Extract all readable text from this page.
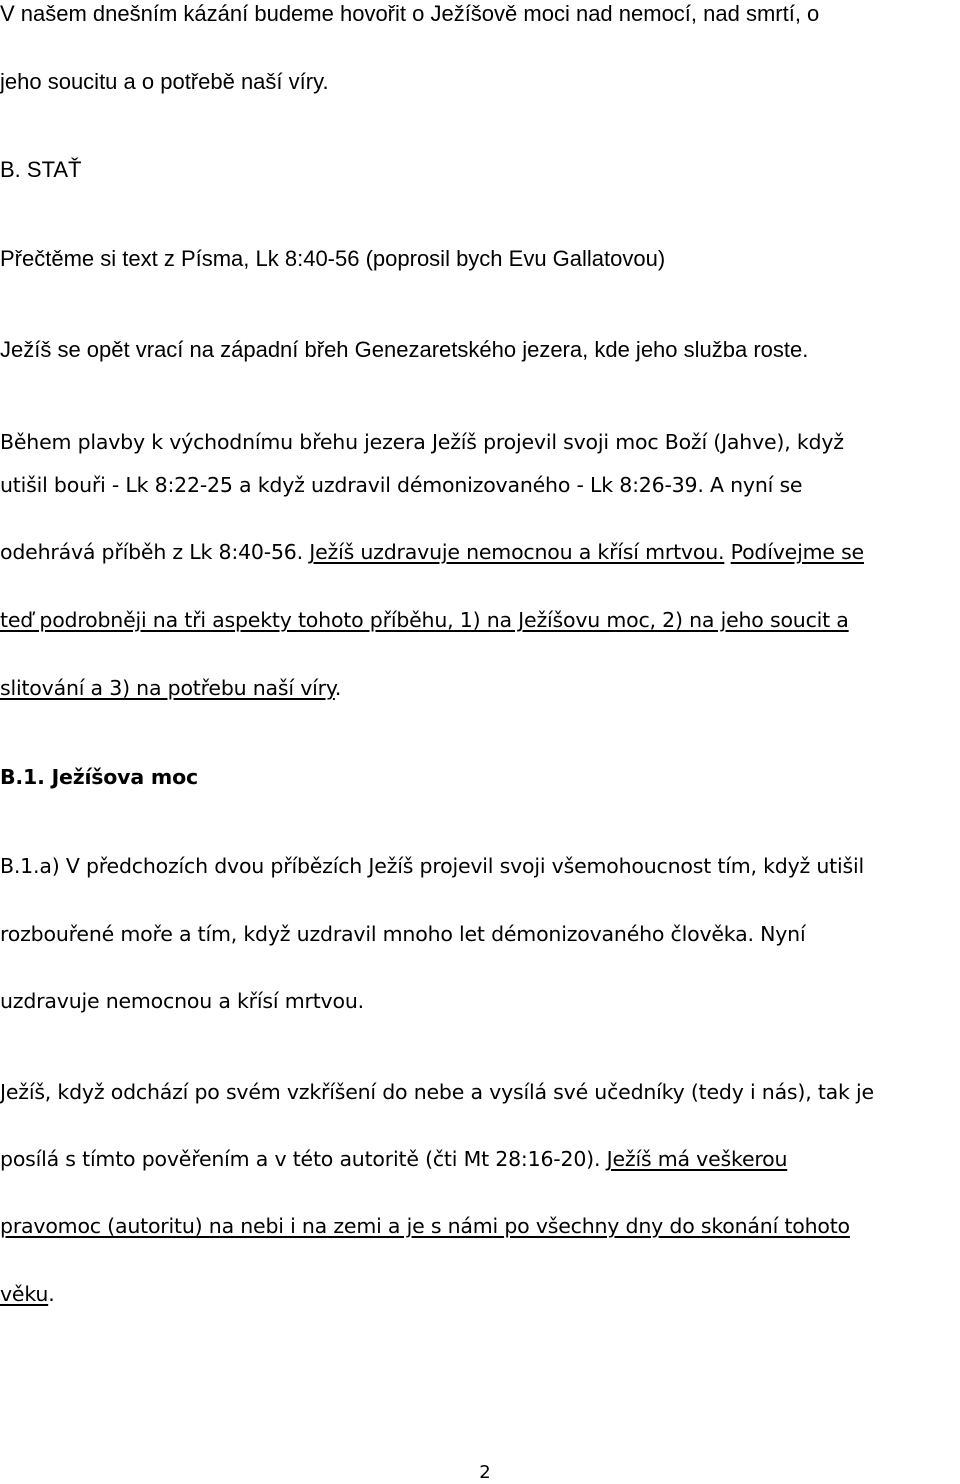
V našem dnešním kázání budeme hovořit o Ježíšově moci nad nemocí, nad smrtí, o
jeho soucitu a o potřebě naší víry.
B. STAŤ
Přečtěme si text z Písma, Lk 8:40-56 (poprosil bych Evu Gallatovou)
Ježíš se opět vrací na západní břeh Genezaretského jezera, kde jeho služba roste.
Během plavby k východnímu břehu jezera Ježíš projevil svoji moc Boží (Jahve), když
utišil bouři - Lk 8:22-25 a když uzdravil démonizovaného - Lk 8:26-39. A nyní se
odehrává příběh z Lk 8:40-56. Ježíš uzdravuje nemocnou a křísí mrtvou. Podívejme se
teď podrobněji na tři aspekty tohoto příběhu, 1) na Ježíšovu moc, 2) na jeho soucit a
slitování a 3) na potřebu naší víry.
B.1. Ježíšova moc
B.1.a) V předchozích dvou příbězích Ježíš projevil svoji všemohoucnost tím, když utišil
rozbouřené moře a tím, když uzdravil mnoho let démonizovaného člověka. Nyní
uzdravuje nemocnou a křísí mrtvou.
Ježíš, když odchází po svém vzkříšení do nebe a vysílá své učedníky (tedy i nás), tak je
posílá s tímto pověřením a v této autoritě (čti Mt 28:16-20). Ježíš má veškerou
pravomoc (autoritu) na nebi i na zemi a je s námi po všechny dny do skonání tohoto
věku.
2
